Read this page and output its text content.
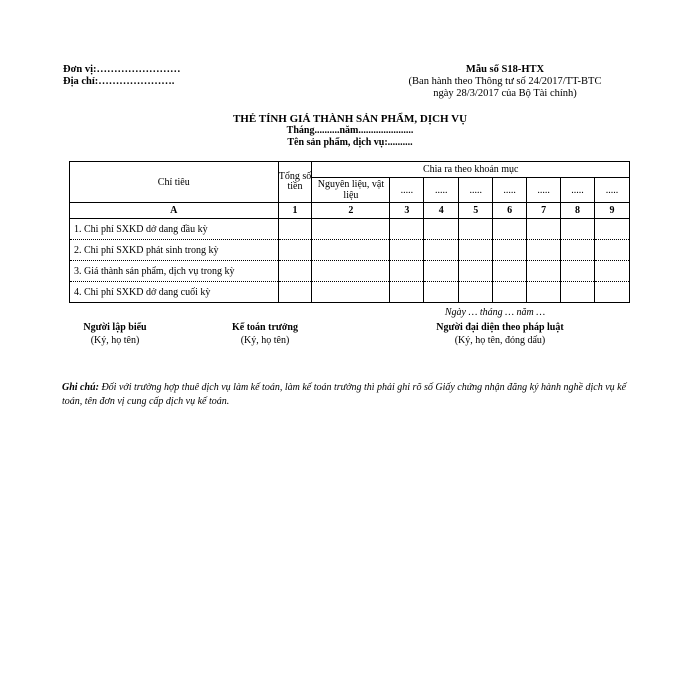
Đơn vị:……………………
Địa chỉ:………………….
Mẫu số S18-HTX
(Ban hành theo Thông tư số 24/2017/TT-BTC
ngày 28/3/2017 của Bộ Tài chính)
THẺ TÍNH GIÁ THÀNH SẢN PHẨM, DỊCH VỤ
Tháng..........năm......................
Tên sản phẩm, dịch vụ:..........
Chỉ tiêu	Tổng số tiền	Chia ra theo khoản mục							
		Nguyên liệu, vật liệu	.....	.....	.....	.....	.....	.....	.....
A	1	2	3	4	5	6	7	8	9
1. Chi phí SXKD dở dang đầu kỳ									
2. Chi phí SXKD phát sinh trong kỳ									
3. Giá thành sản phẩm, dịch vụ trong kỳ									
4. Chi phí SXKD dở dang cuối kỳ									
Ngày … tháng … năm …
Người lập biểu
(Ký, họ tên)
Kế toán trưởng
(Ký, họ tên)
Người đại diện theo pháp luật
(Ký, họ tên, đóng dấu)
Ghi chú: Đối với trường hợp thuê dịch vụ làm kế toán, làm kế toán trưởng thì phải ghi rõ số Giấy chứng nhận đăng ký hành nghề dịch vụ kế toán, tên đơn vị cung cấp dịch vụ kế toán.
